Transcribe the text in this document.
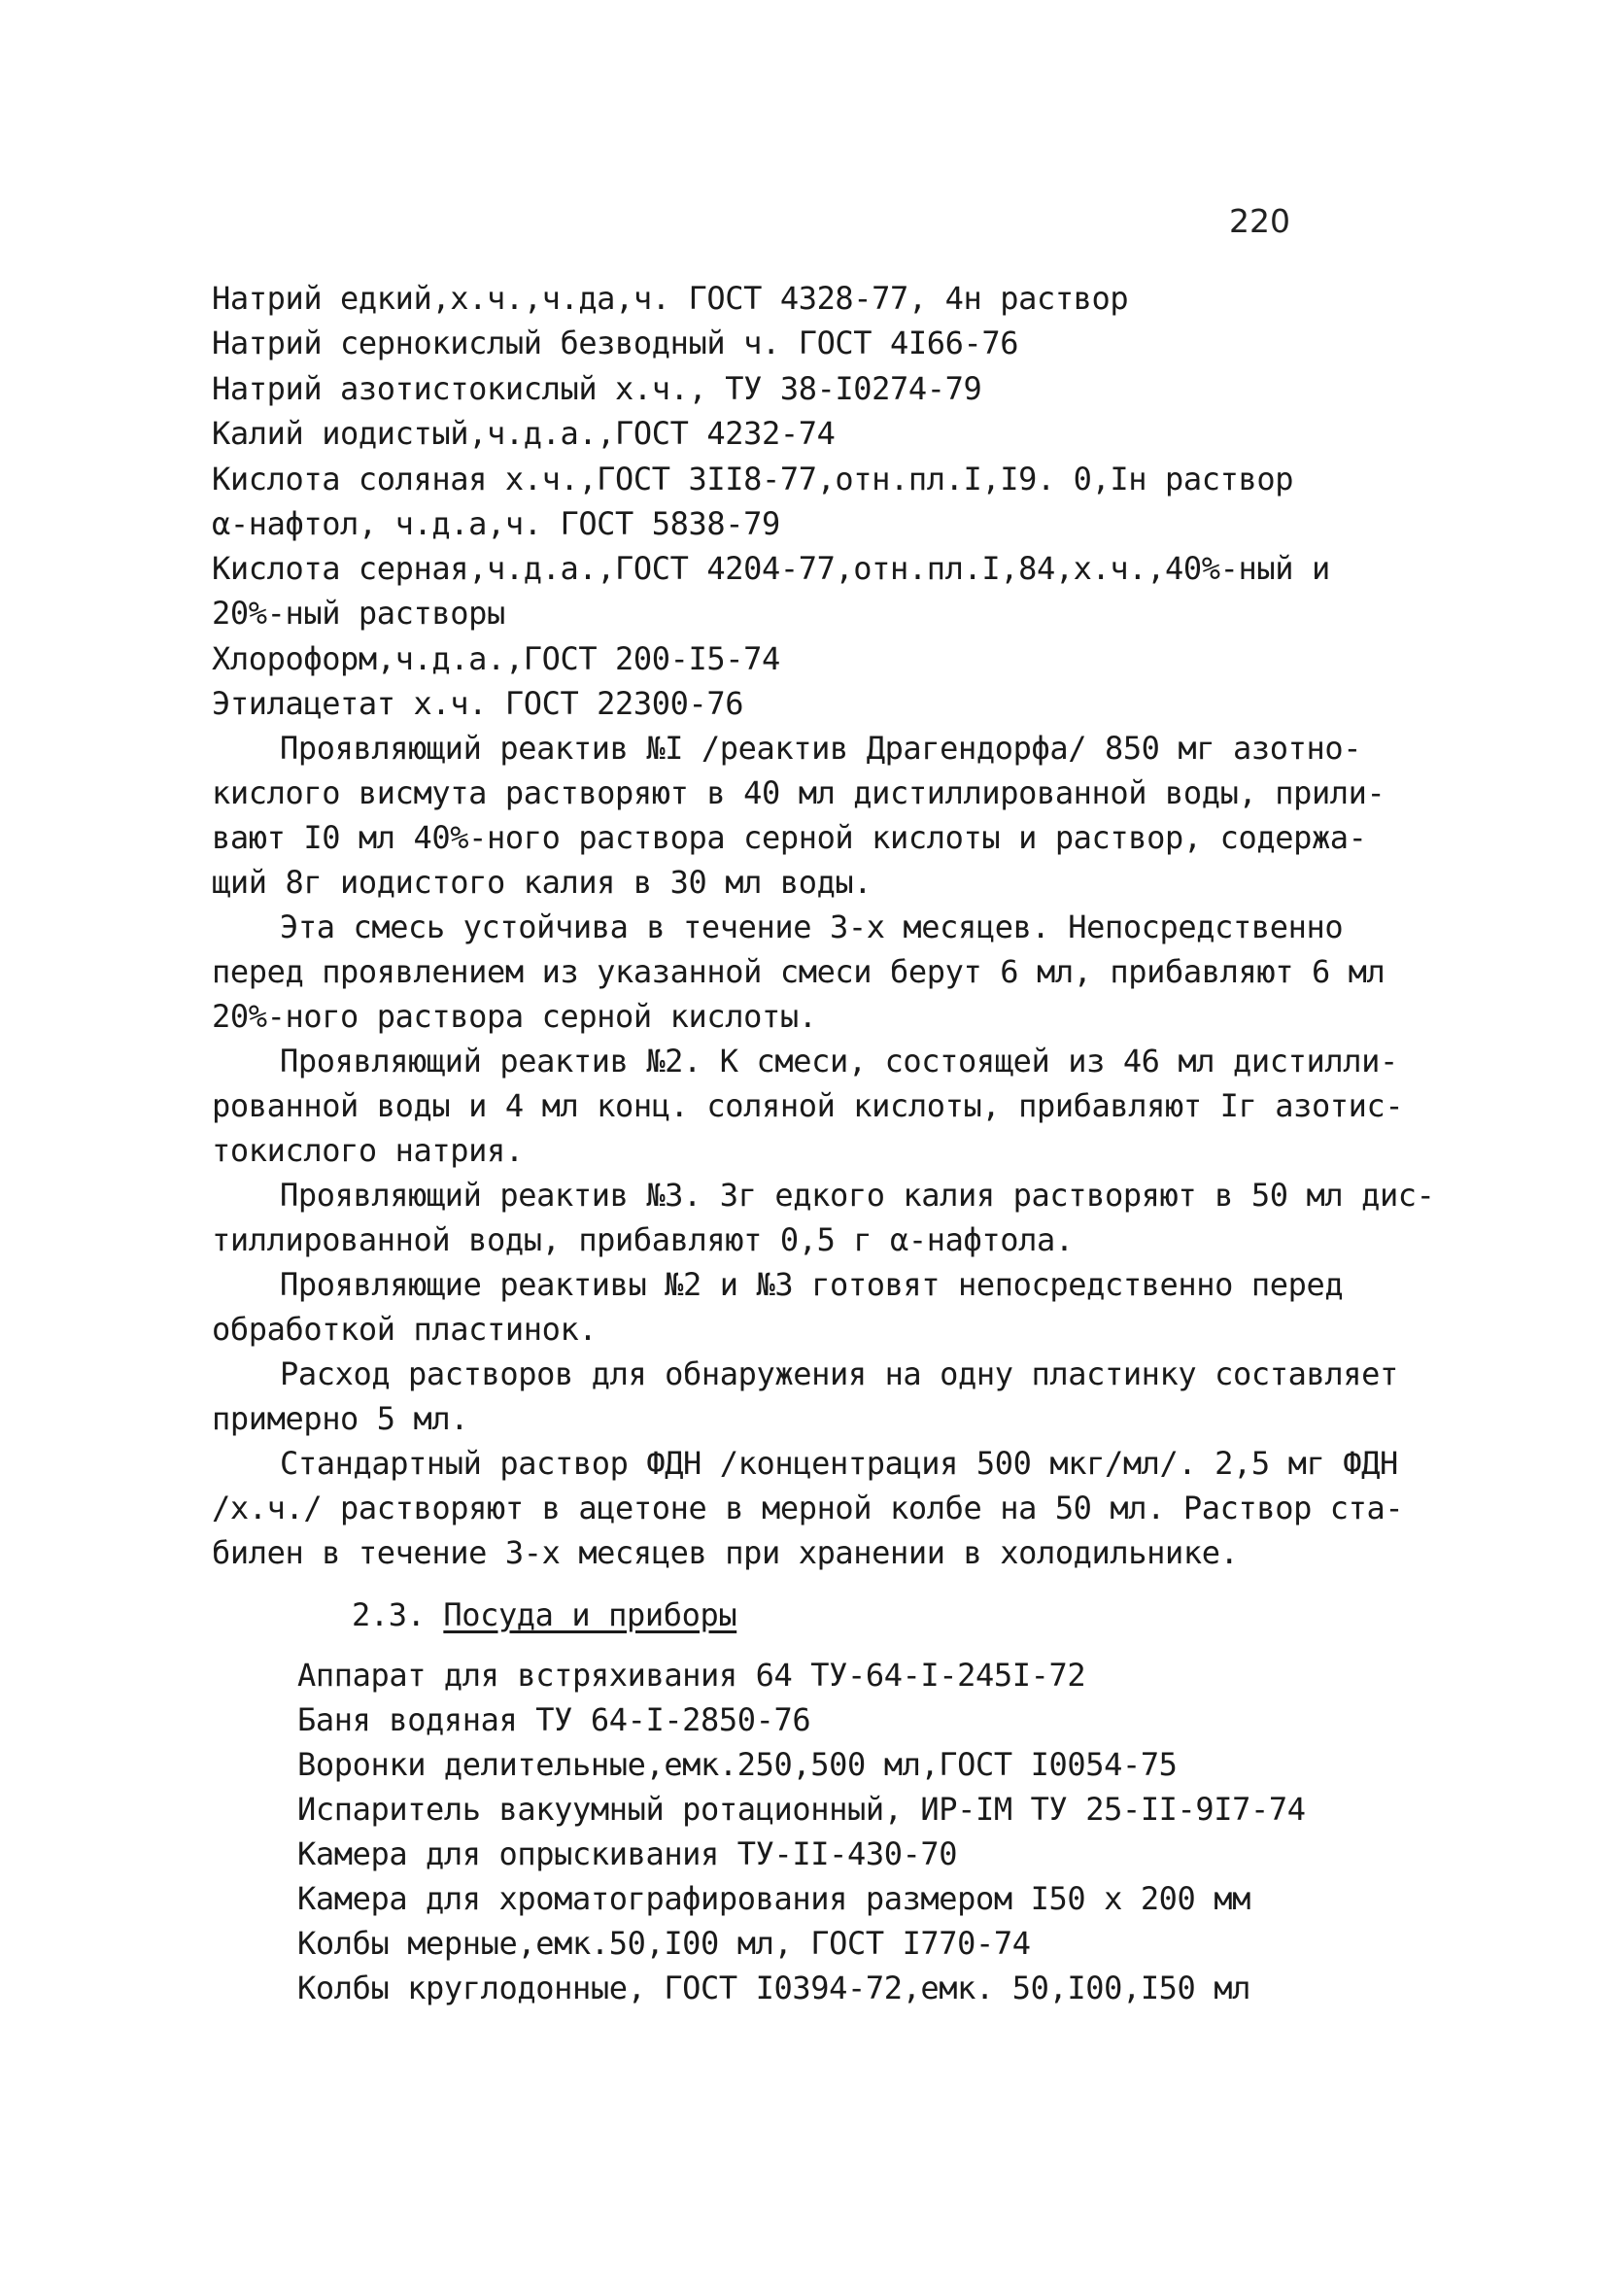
220
Натрий едкий,х.ч.,ч.да,ч. ГОСТ 4328-77, 4н раствор
Натрий сернокислый безводный ч. ГОСТ 4I66-76
Натрий азотистокислый х.ч., ТУ 38-I0274-79
Калий иодистый,ч.д.а.,ГОСТ 4232-74
Кислота соляная х.ч.,ГОСТ 3II8-77,отн.пл.I,I9. 0,Iн раствор
α-нафтол, ч.д.а,ч. ГОСТ 5838-79
Кислота серная,ч.д.а.,ГОСТ 4204-77,отн.пл.I,84,х.ч.,40%-ный и
20%-ный растворы
Хлороформ,ч.д.а.,ГОСТ 200-I5-74
Этилацетат х.ч. ГОСТ 22300-76
Проявляющий реактив №I /реактив Драгендорфа/ 850 мг азотно-
кислого висмута растворяют в 40 мл дистиллированной воды, прили-
вают I0 мл 40%-ного раствора серной кислоты и раствор, содержа-
щий 8г иодистого калия в 30 мл воды.
Эта смесь устойчива в течение 3-х месяцев. Непосредственно
перед проявлением из указанной смеси берут 6 мл, прибавляют 6 мл
20%-ного раствора серной кислоты.
Проявляющий реактив №2. К смеси, состоящей из 46 мл дистилли-
рованной воды и 4 мл конц. соляной кислоты, прибавляют Iг азотис-
токислого натрия.
Проявляющий реактив №3. 3г едкого калия растворяют в 50 мл дис-
тиллированной воды, прибавляют 0,5 г α-нафтола.
Проявляющие реактивы №2 и №3 готовят непосредственно перед
обработкой пластинок.
Расход растворов для обнаружения на одну пластинку составляет
примерно 5 мл.
Стандартный раствор ФДН /концентрация 500 мкг/мл/. 2,5 мг ФДН
/х.ч./ растворяют в ацетоне в мерной колбе на 50 мл. Раствор ста-
билен в течение 3-х месяцев при хранении в холодильнике.
2.3. Посуда и приборы
Аппарат для встряхивания 64 ТУ-64-I-245I-72
Баня водяная ТУ 64-I-2850-76
Воронки делительные,емк.250,500 мл,ГОСТ I0054-75
Испаритель вакуумный ротационный, ИР-IМ ТУ 25-II-9I7-74
Камера для опрыскивания ТУ-II-430-70
Камера для хроматографирования размером I50 x 200 мм
Колбы мерные,емк.50,I00 мл, ГОСТ I770-74
Колбы круглодонные, ГОСТ I0394-72,емк. 50,I00,I50 мл
